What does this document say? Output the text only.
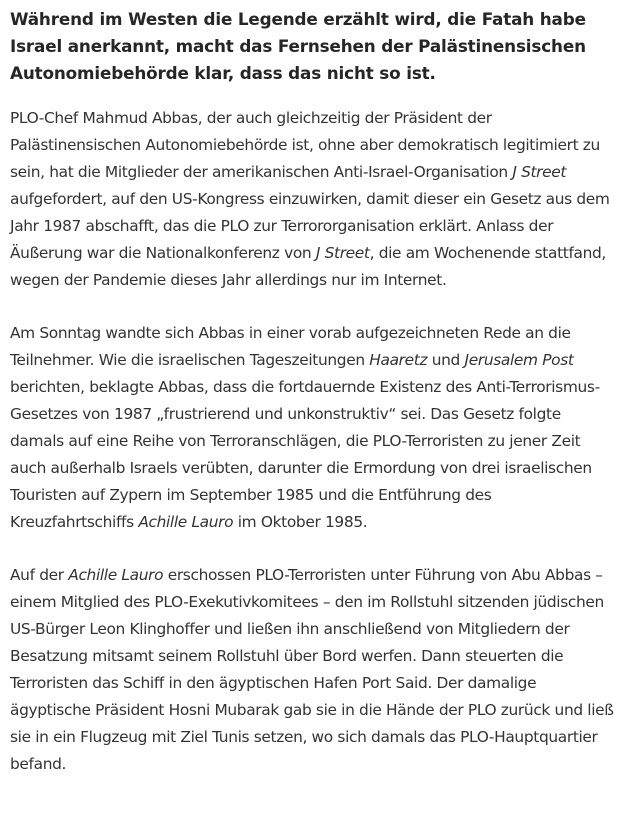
Während im Westen die Legende erzählt wird, die Fatah habe Israel anerkannt, macht das Fernsehen der Palästinensischen Autonomiebehörde klar, dass das nicht so ist.

PLO-Chef Mahmud Abbas, der auch gleichzeitig der Präsident der Palästinensischen Autonomiebehörde ist, ohne aber demokratisch legitimiert zu sein, hat die Mitglieder der amerikanischen Anti-Israel-Organisation J Street aufgefordert, auf den US-Kongress einzuwirken, damit dieser ein Gesetz aus dem Jahr 1987 abschafft, das die PLO zur Terrororganisation erklärt. Anlass der Äußerung war die Nationalkonferenz von J Street, die am Wochenende stattfand, wegen der Pandemie dieses Jahr allerdings nur im Internet.

Am Sonntag wandte sich Abbas in einer vorab aufgezeichneten Rede an die Teilnehmer. Wie die israelischen Tageszeitungen Haaretz und Jerusalem Post berichten, beklagte Abbas, dass die fortdauernde Existenz des Anti-Terrorismus-Gesetzes von 1987 „frustrierend und unkonstruktiv“ sei. Das Gesetz folgte damals auf eine Reihe von Terroranschlägen, die PLO-Terroristen zu jener Zeit auch außerhalb Israels verübten, darunter die Ermordung von drei israelischen Touristen auf Zypern im September 1985 und die Entführung des Kreuzfahrtschiffs Achille Lauro im Oktober 1985.

Auf der Achille Lauro erschossen PLO-Terroristen unter Führung von Abu Abbas – einem Mitglied des PLO-Exekutivkomitees – den im Rollstuhl sitzenden jüdischen US-Bürger Leon Klinghoffer und ließen ihn anschließend von Mitgliedern der Besatzung mitsamt seinem Rollstuhl über Bord werfen. Dann steuerten die Terroristen das Schiff in den ägyptischen Hafen Port Said. Der damalige ägyptische Präsident Hosni Mubarak gab sie in die Hände der PLO zurück und ließ sie in ein Flugzeug mit Ziel Tunis setzen, wo sich damals das PLO-Hauptquartier befand.
